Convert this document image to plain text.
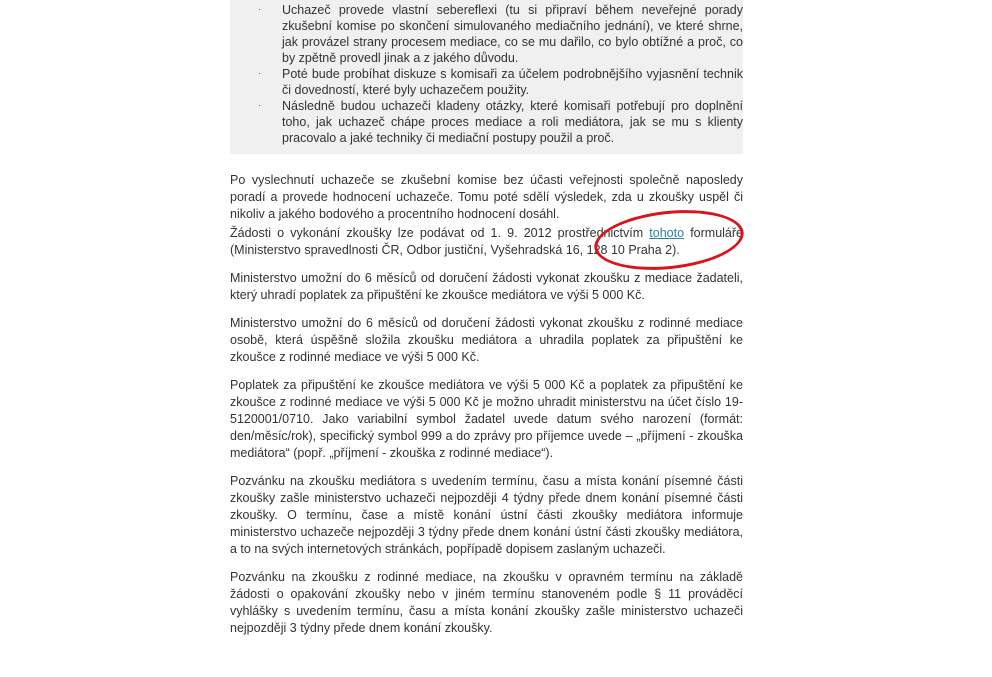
· Uchazeč provede vlastní sebereflexi (tu si připraví během neveřejné porady zkušební komise po skončení simulovaného mediačního jednání), ve které shrne, jak provázel strany procesem mediace, co se mu dařilo, co bylo obtížné a proč, co by zpětně provedl jinak a z jakého důvodu.
· Poté bude probíhat diskuze s komisaři za účelem podrobnějšího vyjasnění technik či dovedností, které byly uchazečem použity.
· Následně budou uchazeči kladeny otázky, které komisaři potřebují pro doplnění toho, jak uchazeč chápe proces mediace a roli mediátora, jak se mu s klienty pracovalo a jaké techniky či mediační postupy použil a proč.

Po vyslechnutí uchazeče se zkušební komise bez účasti veřejnosti společně naposledy poradí a provede hodnocení uchazeče. Tomu poté sdělí výsledek, zda u zkoušky uspěl či nikoliv a jakého bodového a procentního hodnocení dosáhl.

Žádosti o vykonání zkoušky lze podávat od 1. 9. 2012 prostřednictvím tohoto formuláře (Ministerstvo spravedlnosti ČR, Odbor justiční, Vyšehradská 16, 128 10 Praha 2).

Ministerstvo umožní do 6 měsíců od doručení žádosti vykonat zkoušku z mediace žadateli, který uhradí poplatek za připuštění ke zkoušce mediátora ve výši 5 000 Kč.

Ministerstvo umožní do 6 měsíců od doručení žádosti vykonat zkoušku z rodinné mediace osobě, která úspěšně složila zkoušku mediátora a uhradila poplatek za připuštění ke zkoušce z rodinné mediace ve výši 5 000 Kč.

Poplatek za připuštění ke zkoušce mediátora ve výši 5 000 Kč a poplatek za připuštění ke zkoušce z rodinné mediace ve výši 5 000 Kč je možno uhradit ministerstvu na účet číslo 19-5120001/0710. Jako variabilní symbol žadatel uvede datum svého narození (formát: den/měsíc/rok), specifický symbol 999 a do zprávy pro příjemce uvede – „příjmení - zkouška mediátora“ (popř. „příjmení - zkouška z rodinné mediace“).

Pozvánku na zkoušku mediátora s uvedením termínu, času a místa konání písemné části zkoušky zašle ministerstvo uchazeči nejpozději 4 týdny přede dnem konání písemné části zkoušky. O termínu, čase a místě konání ústní části zkoušky mediátora informuje ministerstvo uchazeče nejpozději 3 týdny přede dnem konání ústní části zkoušky mediátora, a to na svých internetových stránkách, popřípadě dopisem zaslaným uchazeči.

Pozvánku na zkoušku z rodinné mediace, na zkoušku v opravném termínu na základě žádosti o opakování zkoušky nebo v jiném termínu stanoveném podle § 11 prováděcí vyhlášky s uvedením termínu, času a místa konání zkoušky zašle ministerstvo uchazeči nejpozději 3 týdny přede dnem konání zkoušky.
